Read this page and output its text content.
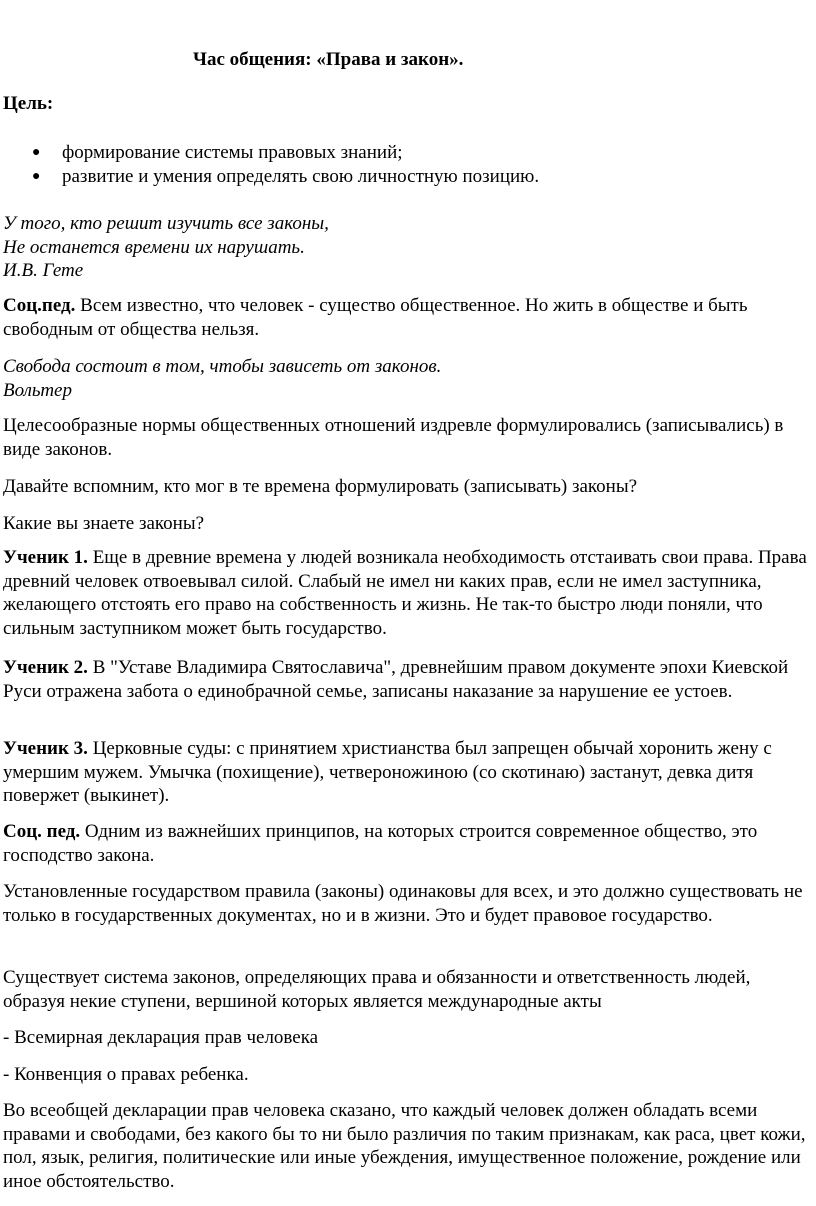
Час общения: «Права и закон».

Цель:

● формирование системы правовых знаний;
● развитие и умения определять свою личностную позицию.

У того, кто решит изучить все законы,
Не останется времени их нарушать.
И.В. Гете

Соц.пед. Всем известно, что человек - существо общественное. Но жить в обществе и быть свободным от общества нельзя.

Свобода состоит в том, чтобы зависеть от законов.
Вольтер

Целесообразные нормы общественных отношений издревле формулировались (записывались) в виде законов.

Давайте вспомним, кто мог в те времена формулировать (записывать) законы?

Какие вы знаете законы?

Ученик 1. Еще в древние времена у людей возникала необходимость отстаивать свои права. Права древний человек отвоевывал силой. Слабый не имел ни каких прав, если не имел заступника, желающего отстоять его право на собственность и жизнь. Не так-то быстро люди поняли, что сильным заступником может быть государство.

Ученик 2. В "Уставе Владимира Святославича", древнейшим правом документе эпохи Киевской Руси отражена забота о единобрачной семье, записаны наказание за нарушение ее устоев.

Ученик 3. Церковные суды: с принятием христианства был запрещен обычай хоронить жену с умершим мужем. Умычка (похищение), четвероножиною (со скотинаю) застанут, девка дитя повержет (выкинет).

Соц. пед. Одним из важнейших принципов, на которых строится современное общество, это господство закона.

Установленные государством правила (законы) одинаковы для всех, и это должно существовать не только в государственных документах, но и в жизни. Это и будет правовое государство.

Существует система законов, определяющих права и обязанности и ответственность людей, образуя некие ступени, вершиной которых является международные акты

- Всемирная декларация прав человека

- Конвенция о правах ребенка.

Во всеобщей декларации прав человека сказано, что каждый человек должен обладать всеми правами и свободами, без какого бы то ни было различия по таким признакам, как раса, цвет кожи, пол, язык, религия, политические или иные убеждения, имущественное положение, рождение или иное обстоятельство.
